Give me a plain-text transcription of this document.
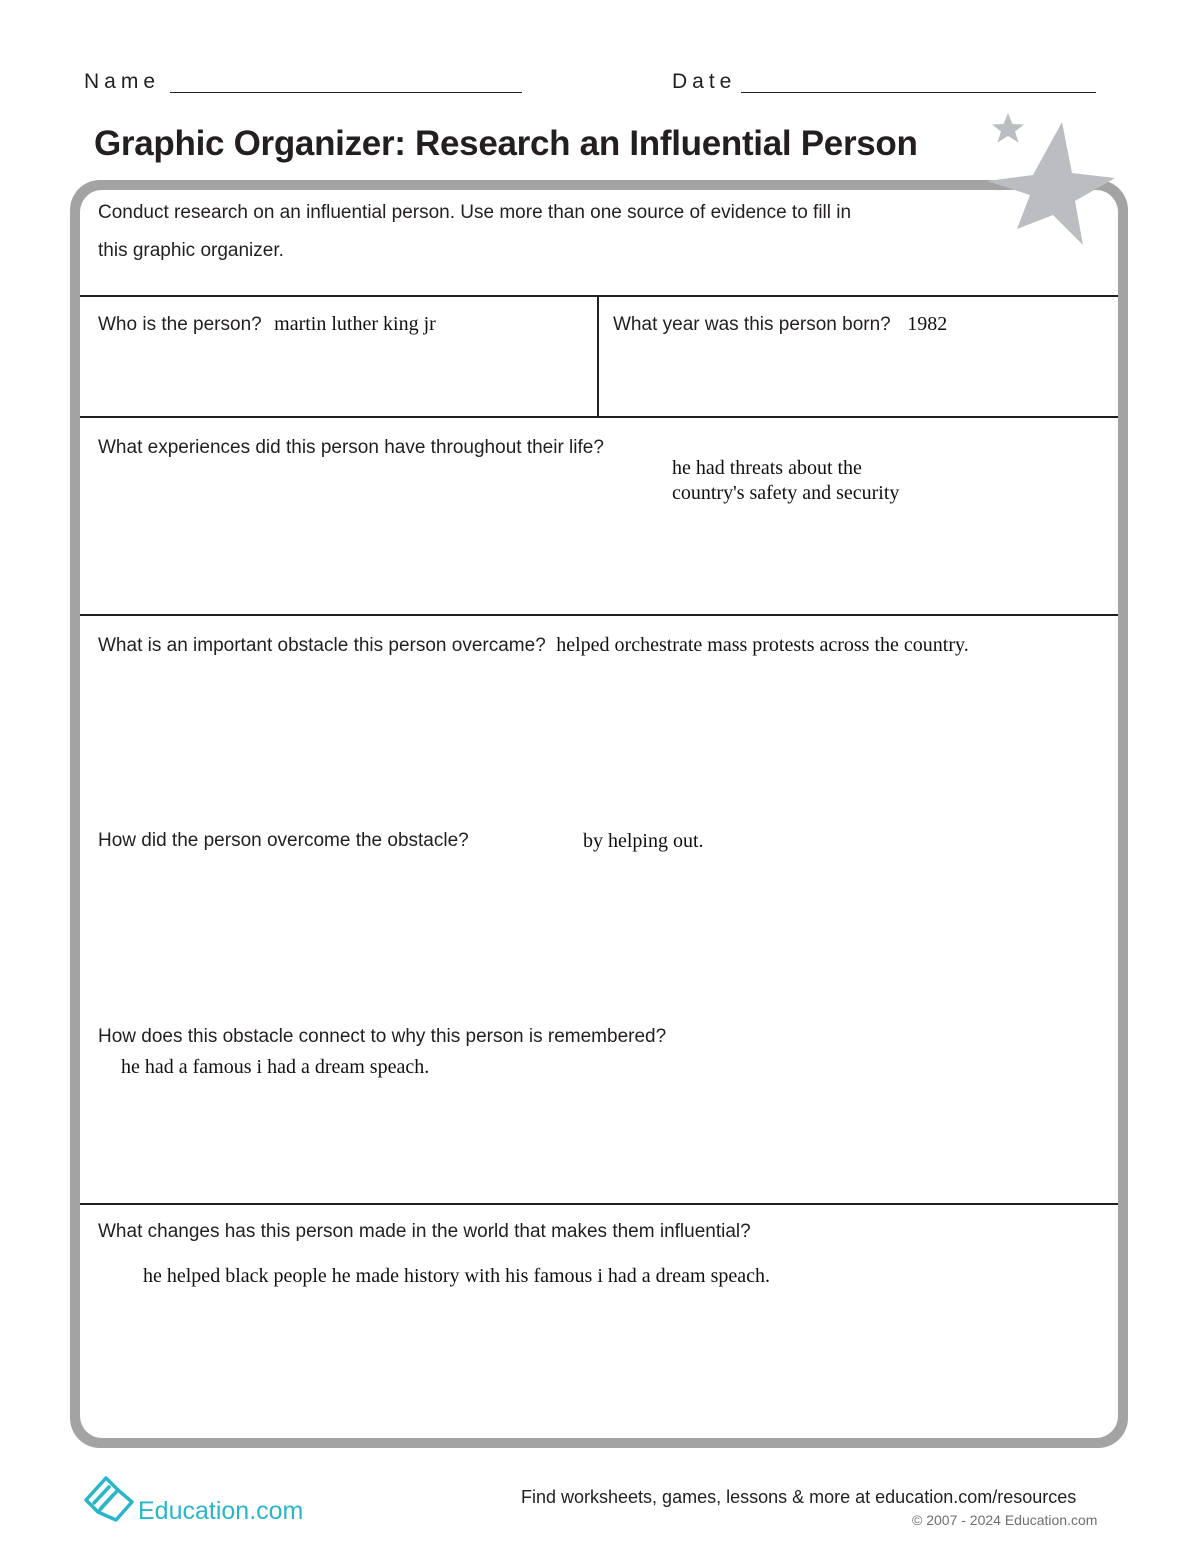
Name	Date
Graphic Organizer: Research an Influential Person
Conduct research on an influential person. Use more than one source of evidence to fill in
this graphic organizer.
Who is the person? martin luther king jr	What year was this person born? 1982
What experiences did this person have throughout their life?
he had threats about the
country's safety and security
What is an important obstacle this person overcame? helped orchestrate mass protests across the country.
How did the person overcome the obstacle?	by helping out.
How does this obstacle connect to why this person is remembered?
he had a famous i had a dream speach.
What changes has this person made in the world that makes them influential?
he helped black people he made history with his famous i had a dream speach.
Education.com	Find worksheets, games, lessons & more at education.com/resources
© 2007 - 2024 Education.com
